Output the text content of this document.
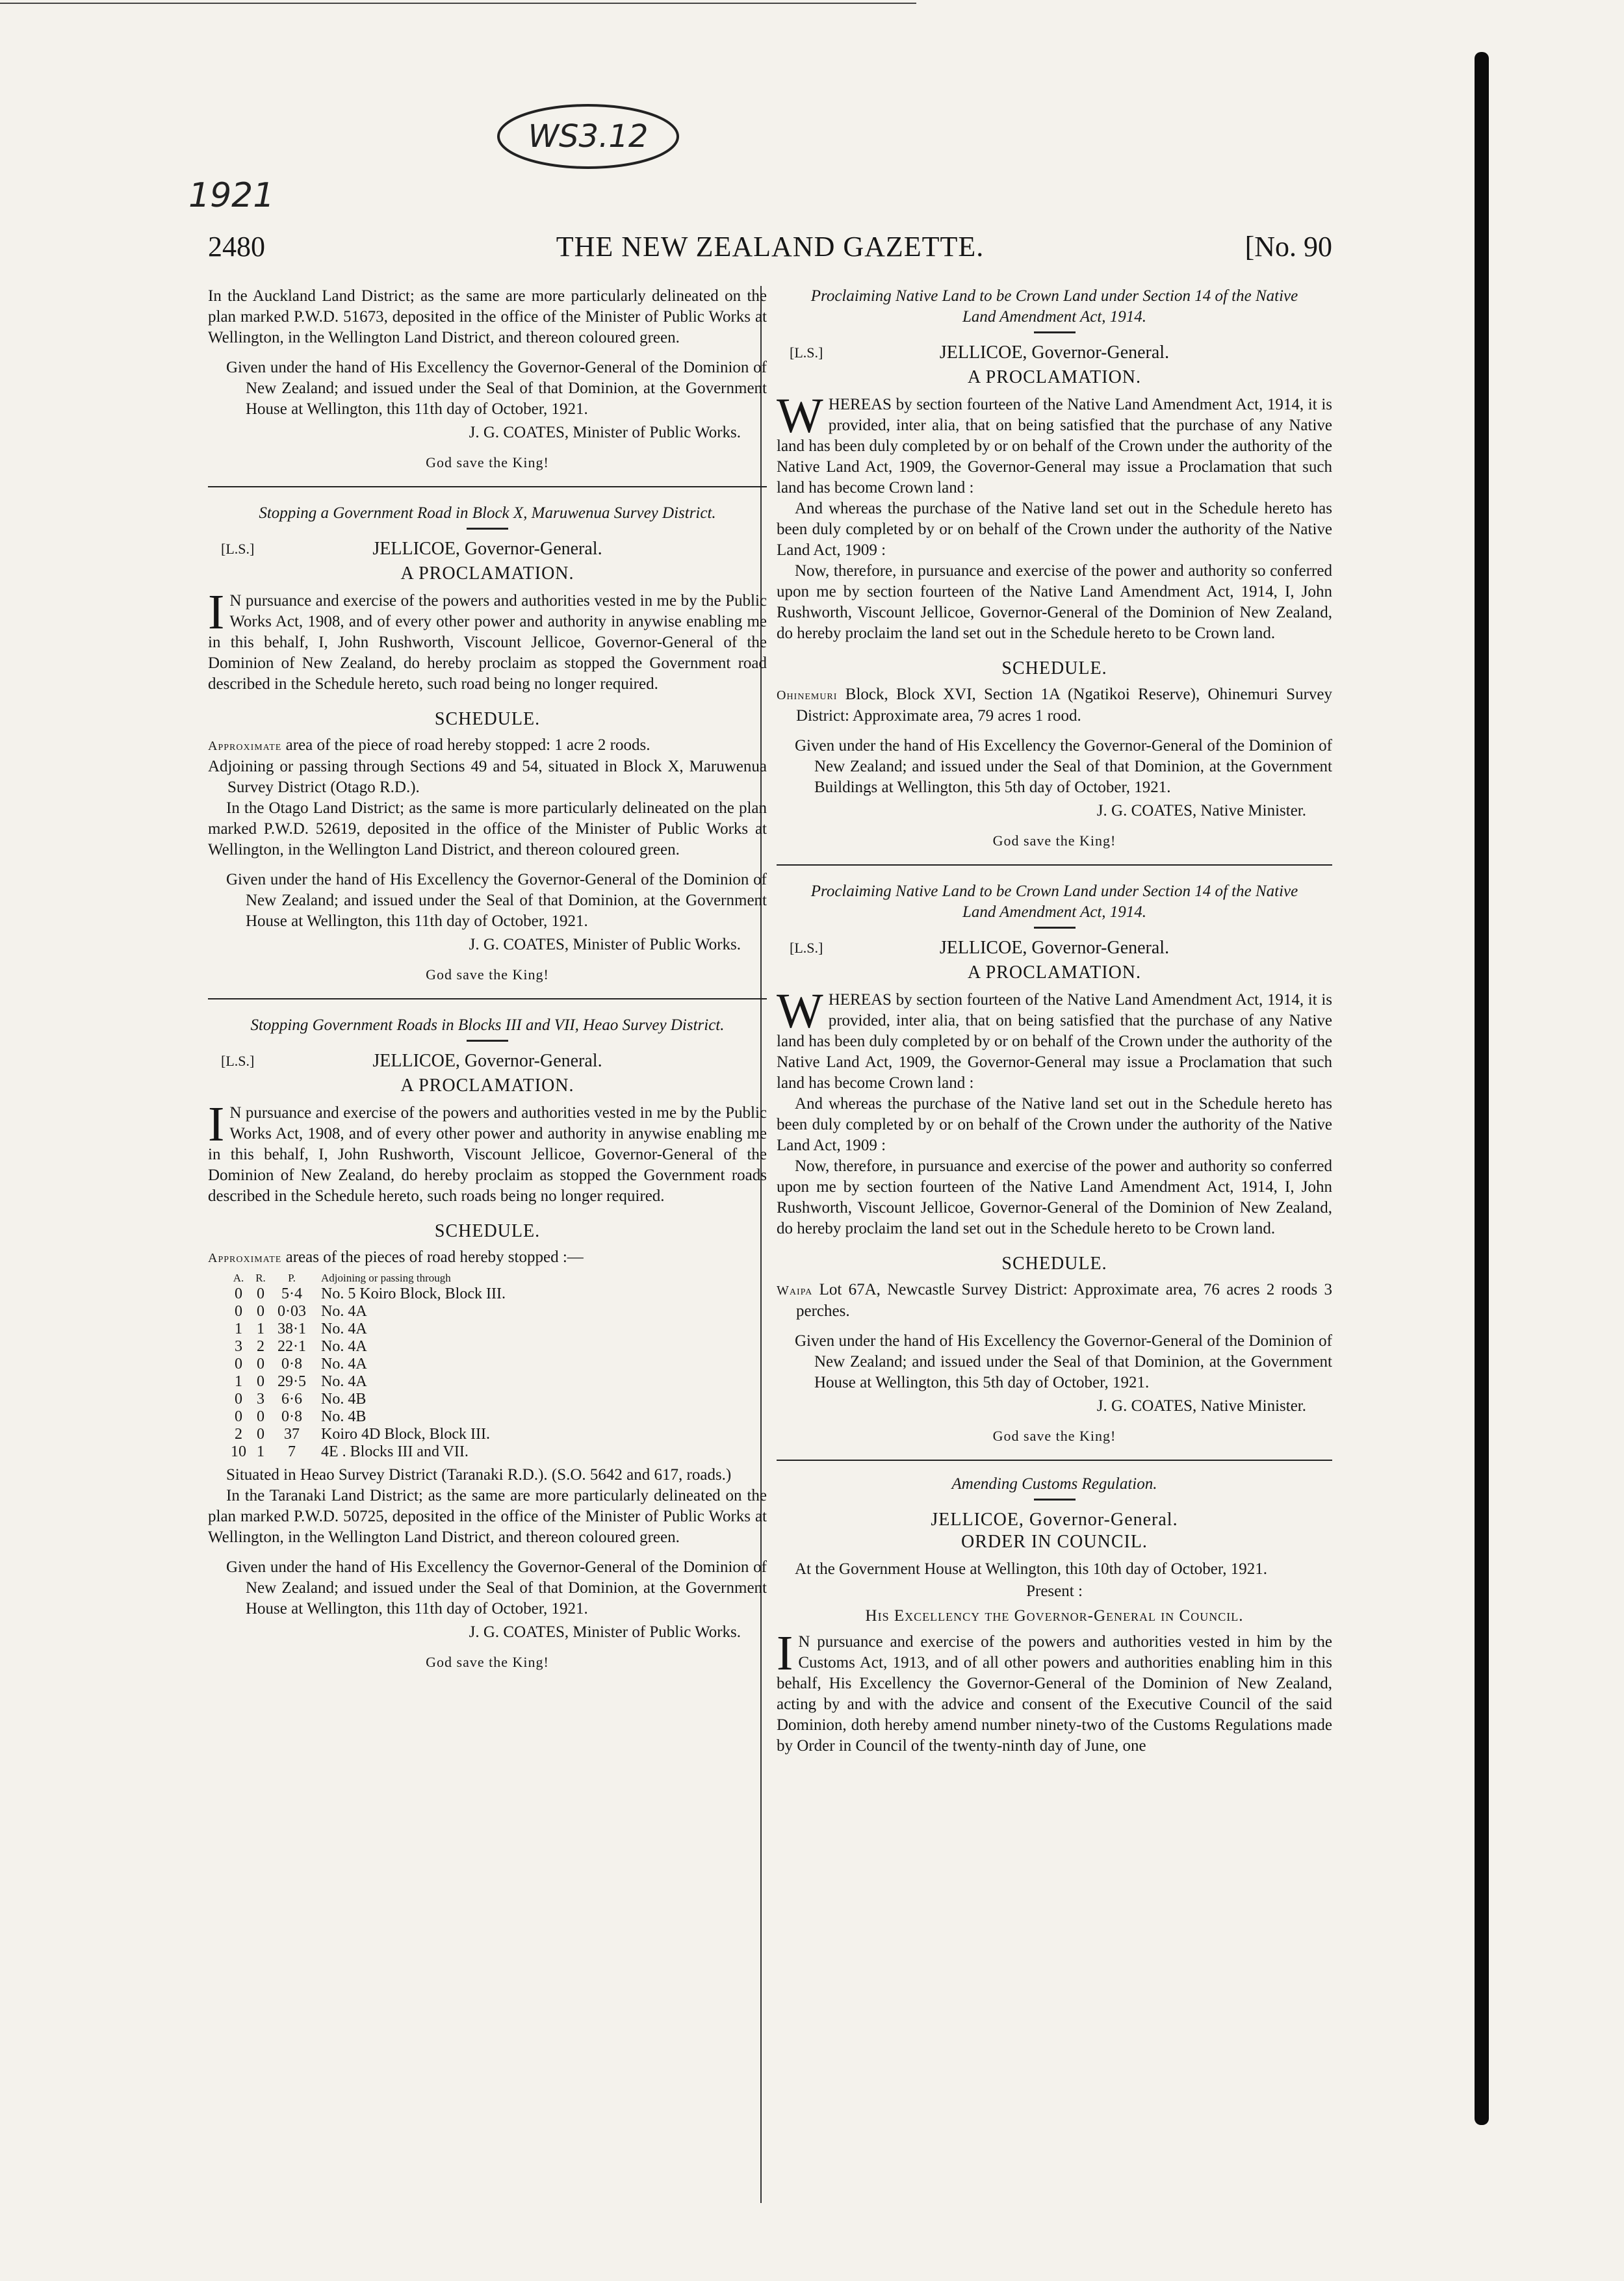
WS3.12
1921
2480	THE NEW ZEALAND GAZETTE.	[No. 90

In the Auckland Land District; as the same are more particularly delineated on the plan marked P.W.D. 51673, deposited in the office of the Minister of Public Works at Wellington, in the Wellington Land District, and thereon coloured green.

Given under the hand of His Excellency the Governor-General of the Dominion of New Zealand; and issued under the Seal of that Dominion, at the Government House at Wellington, this 11th day of October, 1921.

J. G. COATES, Minister of Public Works.

God save the King!

Stopping a Government Road in Block X, Maruwenua Survey District.

[L.S.]	JELLICOE, Governor-General.

A PROCLAMATION.

I N pursuance and exercise of the powers and authorities vested in me by the Public Works Act, 1908, and of every other power and authority in anywise enabling me in this behalf, I, John Rushworth, Viscount Jellicoe, Governor-General of the Dominion of New Zealand, do hereby proclaim as stopped the Government road described in the Schedule hereto, such road being no longer required.

SCHEDULE.

Approximate area of the piece of road hereby stopped: 1 acre 2 roods.

Adjoining or passing through Sections 49 and 54, situated in Block X, Maruwenua Survey District (Otago R.D.).

In the Otago Land District; as the same is more particularly delineated on the plan marked P.W.D. 52619, deposited in the office of the Minister of Public Works at Wellington, in the Wellington Land District, and thereon coloured green.

Given under the hand of His Excellency the Governor-General of the Dominion of New Zealand; and issued under the Seal of that Dominion, at the Government House at Wellington, this 11th day of October, 1921.

J. G. COATES, Minister of Public Works.

God save the King!

Stopping Government Roads in Blocks III and VII, Heao Survey District.

[L.S.]	JELLICOE, Governor-General.

A PROCLAMATION.

I N pursuance and exercise of the powers and authorities vested in me by the Public Works Act, 1908, and of every other power and authority in anywise enabling me in this behalf, I, John Rushworth, Viscount Jellicoe, Governor-General of the Dominion of New Zealand, do hereby proclaim as stopped the Government roads described in the Schedule hereto, such roads being no longer required.

SCHEDULE.

Approximate areas of the pieces of road hereby stopped :—

A.	R.	P.	Adjoining or passing through
0	0	5·4	No. 5 Koiro Block, Block III.
0	0	0·03	No. 4A
1	1	38·1	No. 4A
3	2	22·1	No. 4A
0	0	0·8	No. 4A
1	0	29·5	No. 4A
0	3	6·6	No. 4B
0	0	0·8	No. 4B
2	0	37	Koiro 4D Block, Block III.
10	1	7	4E . Blocks III and VII.

Situated in Heao Survey District (Taranaki R.D.). (S.O. 5642 and 617, roads.)

In the Taranaki Land District; as the same are more particularly delineated on the plan marked P.W.D. 50725, deposited in the office of the Minister of Public Works at Wellington, in the Wellington Land District, and thereon coloured green.

Given under the hand of His Excellency the Governor-General of the Dominion of New Zealand; and issued under the Seal of that Dominion, at the Government House at Wellington, this 11th day of October, 1921.

J. G. COATES, Minister of Public Works.

God save the King!

Proclaiming Native Land to be Crown Land under Section 14 of the Native Land Amendment Act, 1914.

[L.S.]	JELLICOE, Governor-General.

A PROCLAMATION.

WHEREAS by section fourteen of the Native Land Amendment Act, 1914, it is provided, inter alia, that on being satisfied that the purchase of any Native land has been duly completed by or on behalf of the Crown under the authority of the Native Land Act, 1909, the Governor-General may issue a Proclamation that such land has become Crown land :

And whereas the purchase of the Native land set out in the Schedule hereto has been duly completed by or on behalf of the Crown under the authority of the Native Land Act, 1909 :

Now, therefore, in pursuance and exercise of the power and authority so conferred upon me by section fourteen of the Native Land Amendment Act, 1914, I, John Rushworth, Viscount Jellicoe, Governor-General of the Dominion of New Zealand, do hereby proclaim the land set out in the Schedule hereto to be Crown land.

SCHEDULE.

Ohinemuri Block, Block XVI, Section 1A (Ngatikoi Reserve), Ohinemuri Survey District: Approximate area, 79 acres 1 rood.

Given under the hand of His Excellency the Governor-General of the Dominion of New Zealand; and issued under the Seal of that Dominion, at the Government Buildings at Wellington, this 5th day of October, 1921.

J. G. COATES, Native Minister.

God save the King!

Proclaiming Native Land to be Crown Land under Section 14 of the Native Land Amendment Act, 1914.

[L.S.]	JELLICOE, Governor-General.

A PROCLAMATION.

WHEREAS by section fourteen of the Native Land Amendment Act, 1914, it is provided, inter alia, that on being satisfied that the purchase of any Native land has been duly completed by or on behalf of the Crown under the authority of the Native Land Act, 1909, the Governor-General may issue a Proclamation that such land has become Crown land :

And whereas the purchase of the Native land set out in the Schedule hereto has been duly completed by or on behalf of the Crown under the authority of the Native Land Act, 1909 :

Now, therefore, in pursuance and exercise of the power and authority so conferred upon me by section fourteen of the Native Land Amendment Act, 1914, I, John Rushworth, Viscount Jellicoe, Governor-General of the Dominion of New Zealand, do hereby proclaim the land set out in the Schedule hereto to be Crown land.

SCHEDULE.

Waipa Lot 67A, Newcastle Survey District: Approximate area, 76 acres 2 roods 3 perches.

Given under the hand of His Excellency the Governor-General of the Dominion of New Zealand; and issued under the Seal of that Dominion, at the Government House at Wellington, this 5th day of October, 1921.

J. G. COATES, Native Minister.

God save the King!

Amending Customs Regulation.

JELLICOE, Governor-General.

ORDER IN COUNCIL.

At the Government House at Wellington, this 10th day of October, 1921.

Present :

His Excellency the Governor-General in Council.

I N pursuance and exercise of the powers and authorities vested in him by the Customs Act, 1913, and of all other powers and authorities enabling him in this behalf, His Excellency the Governor-General of the Dominion of New Zealand, acting by and with the advice and consent of the Executive Council of the said Dominion, doth hereby amend number ninety-two of the Customs Regulations made by Order in Council of the twenty-ninth day of June, one
